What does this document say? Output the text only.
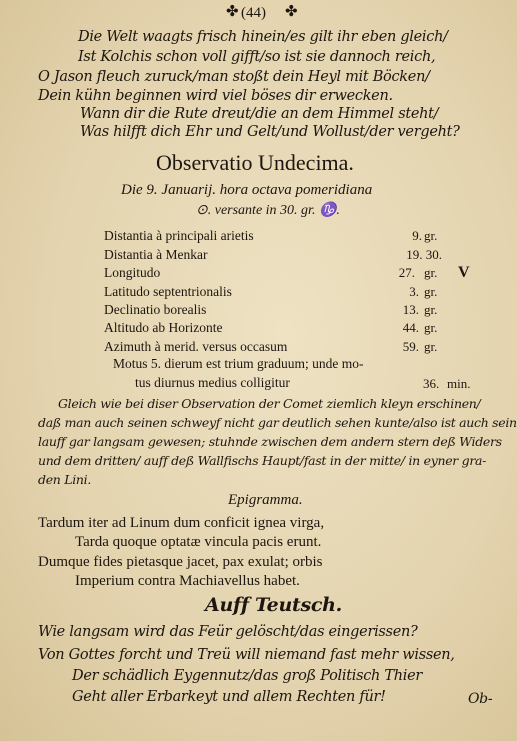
✤ (44) ✤
Die Welt waagts frisch hinein/es gilt ihr eben gleich/
Ist Kolchis schon voll gifft/so ist sie dannoch reich,
O Jason fleuch zuruck/man stoßt dein Heyl mit Böcken/
Dein kühn beginnen wird viel böses dir erwecken.
Wann dir die Rute dreut/die an dem Himmel steht/
Was hilfft dich Ehr und Gelt/und Wollust/der vergeht?
Observatio Undecima.
Die 9. Januarij. hora octava pomeridiana
⊙. versante in 30. gr. ♑.
Distantia à principali arietis	9. gr.
Distantia à Menkar	19. 30.
Longitudo	27. gr. V
Latitudo septentrionalis	3. gr.
Declinatio borealis	13. gr.
Altitudo ab Horizonte	44. gr.
Azimuth à merid. versus occasum	59. gr.
Motus 5. dierum est trium graduum; unde mo-
tus diurnus medius colligitur	36. min.
Gleich wie bei diser Observation der Comet ziemlich kleyn erschinen/
daß man auch seinen schweyf nicht gar deutlich sehen kunte/also ist auch sein
lauff gar langsam gewesen; stuhnde zwischen dem andern stern deß Widers
und dem dritten/ auff deß Wallfischs Haupt/fast in der mitte/ in eyner gra-
den Lini.
Epigramma.
Tardum iter ad Linum dum conficit ignea virga,
Tarda quoque optatæ vincula pacis erunt.
Dumque fides pietasque jacet, pax exulat; orbis
Imperium contra Machiavellus habet.
Auff Teutsch.
Wie langsam wird das Feür gelöscht/das eingerissen?
Von Gottes forcht und Treü will niemand fast mehr wissen,
Der schädlich Eygennutz/das groß Politisch Thier
Geht aller Erbarkeyt und allem Rechten für!	Ob-
